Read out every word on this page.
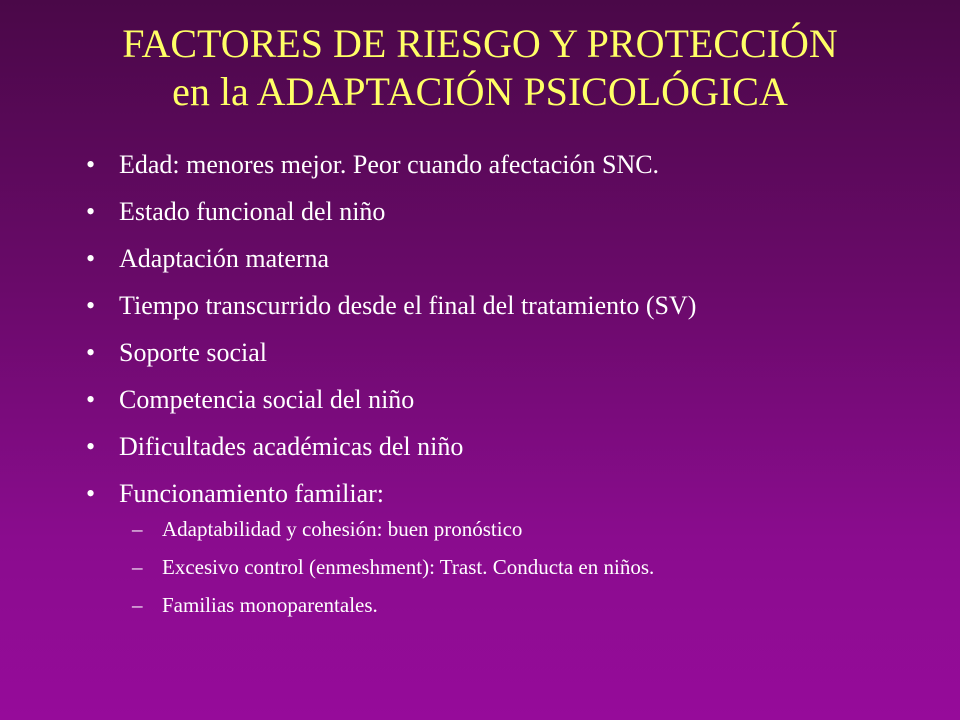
FACTORES DE RIESGO Y PROTECCIÓN
en la ADAPTACIÓN PSICOLÓGICA
• Edad: menores mejor. Peor cuando afectación SNC.
• Estado funcional del niño
• Adaptación materna
• Tiempo transcurrido desde el final del tratamiento (SV)
• Soporte social
• Competencia social del niño
• Dificultades académicas del niño
• Funcionamiento familiar:
– Adaptabilidad y cohesión: buen pronóstico
– Excesivo control (enmeshment): Trast. Conducta en niños.
– Familias monoparentales.
